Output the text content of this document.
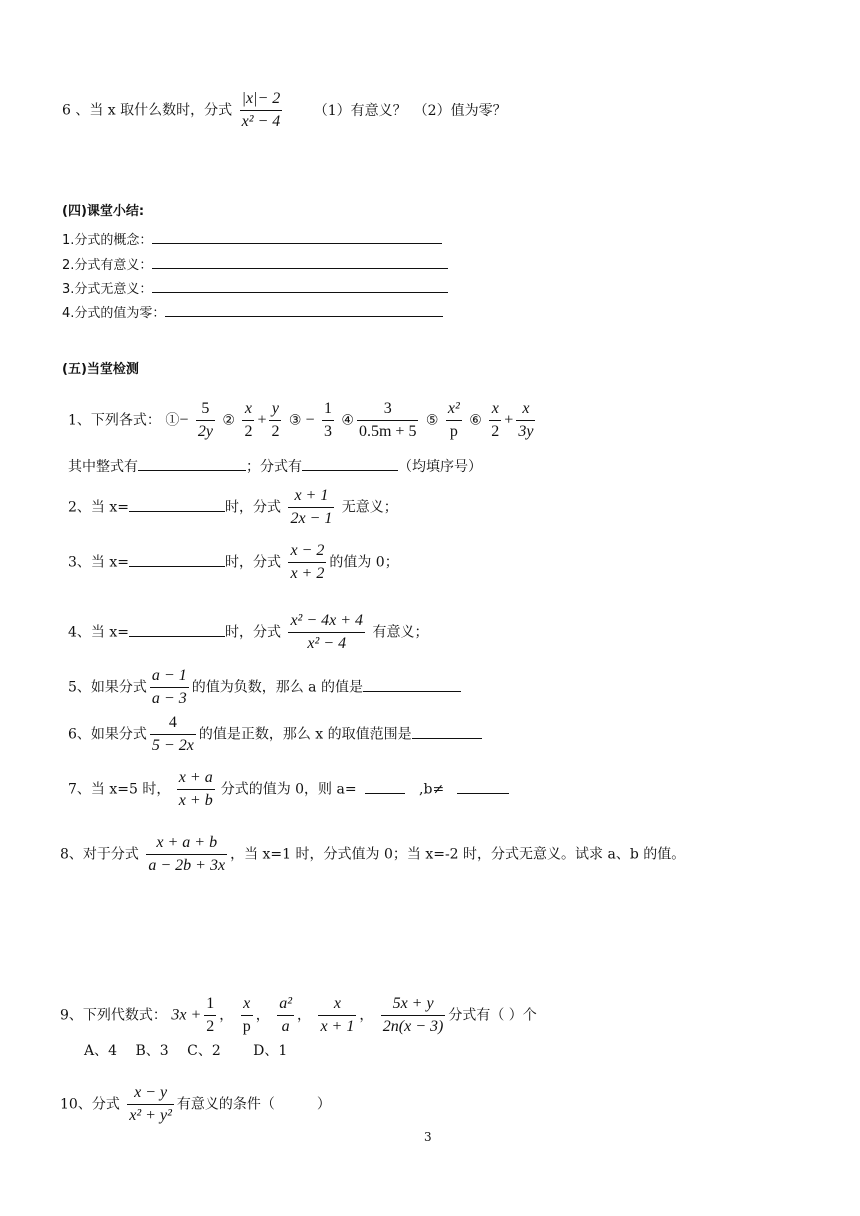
6 、当 x 取什么数时，分式 $\frac{|x|- 2}{\text{x² − 4}} (1)$有意义？　（2）值为零？
(四)课堂小结:
1.分式的概念：
2.分式有意义：
3.分式无意义：
4.分式的值为零：
(五)当堂检测
1、下列各式： ①− $\frac{5}{2y}$ ② $\frac{x}{2} + \frac{y}{2}$ ③ − $\frac{1}{3}$ ④ $\frac{3}{0.5m + 5}$ ⑤ $\frac{\text{x²}}{p}$ ⑥ $\frac{x}{2} + \frac{x}{3y}$
其中整式有	；分式有	（均填序号）
2、当 x=	时，分式 $\frac{x + 1}{2x - 1}$ 无意义；
3、当 x=	时，分式 $\frac{x - 2}{x + 2}$ 的值为 0；
4、当 x=	时，分式 $\frac{\text{x² − 4x + 4}}{\text{x² − 4}}$ 有意义；
5、如果分式 $\frac{a - 1}{a - 3}$ 的值为负数，那么 a 的值是
6、如果分式 $\frac{4}{5 - 2x}$ 的值是正数，那么 x 的取值范围是
7、当 x=5 时， $\frac{x + a}{x + b}$ 分式的值为 0，则 a=	,b≠
8、对于分式 $\frac{x + a + b}{a - 2b + 3x}$ ，当 x=1 时，分式值为 0；当 x=-2 时，分式无意义。试求 a、b 的值。
9、下列代数式： $3x + \frac{1}{2}$ ， $\frac{x}{p}$ ， $\frac{\text{a²}}{a}$ ， $\frac{x}{x + 1}$ ， $\frac{5x + y}{2n(x - 3)}$ 分式有（ ）个
A、4　 B、3　 C、2　　 D、1
10、分式 $\frac{x - y}{\text{x² + y²}}$ 有意义的条件（　　　）
3
